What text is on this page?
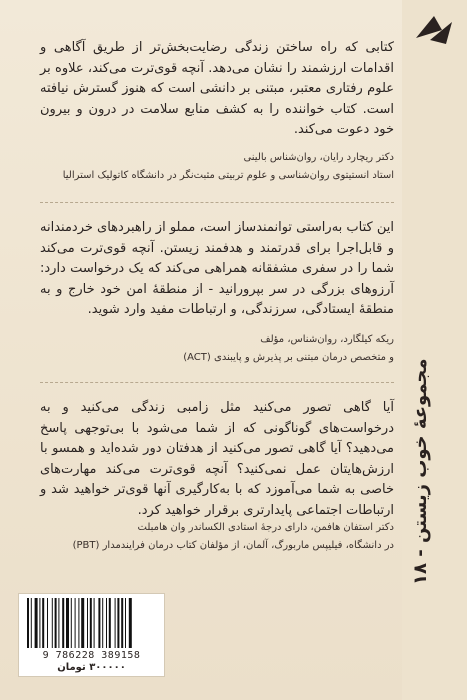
کتابی که راه ساختن زندگی رضایت‌بخش‌تر از طریق آگاهی و اقدامات ارزشمند را نشان می‌دهد. آنچه قوی‌ترت می‌کند، علاوه بر علوم رفتاری معتبر، مبتنی بر دانشی است که هنوز گسترش نیافته است. کتاب خواننده را به کشف منابع سلامت در درون و بیرون خود دعوت می‌کند.
دکتر ریچارد رایان، روان‌شناس بالینی
استاد انستیتوی روان‌شناسی و علوم تربیتی مثبت‌نگر در دانشگاه کاتولیک استرالیا
این کتاب به‌راستی توانمندساز است، مملو از راهبردهای خردمندانه و قابل‌اجرا برای قدرتمند و هدفمند زیستن. آنچه قوی‌ترت می‌کند شما را در سفری مشفقانه همراهی می‌کند که یک درخواست دارد: آرزوهای بزرگی در سر بپرورانید - از منطقهٔ امن خود خارج و به منطقهٔ ایستادگی، سرزندگی، و ارتباطات مفید وارد شوید.
ریکه کیلگارد، روان‌شناس، مؤلف
و متخصص درمان مبتنی بر پذیرش و پایبندی (ACT)
آیا گاهی تصور می‌کنید مثل زامبی زندگی می‌کنید و به درخواست‌های گوناگونی که از شما می‌شود با بی‌توجهی پاسخ می‌دهید؟ آیا گاهی تصور می‌کنید از هدفتان دور شده‌اید و همسو با ارزش‌هایتان عمل نمی‌کنید؟ آنچه قوی‌ترت می‌کند مهارت‌های خاصی به شما می‌آموزد که با به‌کارگیری آنها قوی‌تر خواهید شد و ارتباطات اجتماعی پایدارتری برقرار خواهید کرد.
دکتر استفان هافمن، دارای درجهٔ استادی الکساندر وان هامبلت
در دانشگاه، فیلیپس ماربورگ، آلمان، از مؤلفان کتاب درمان فرایندمدار (PBT)
مجموعهٔ خوب زیستن - ۱۸
9 786228 389158
۳۰۰۰۰۰ تومان
